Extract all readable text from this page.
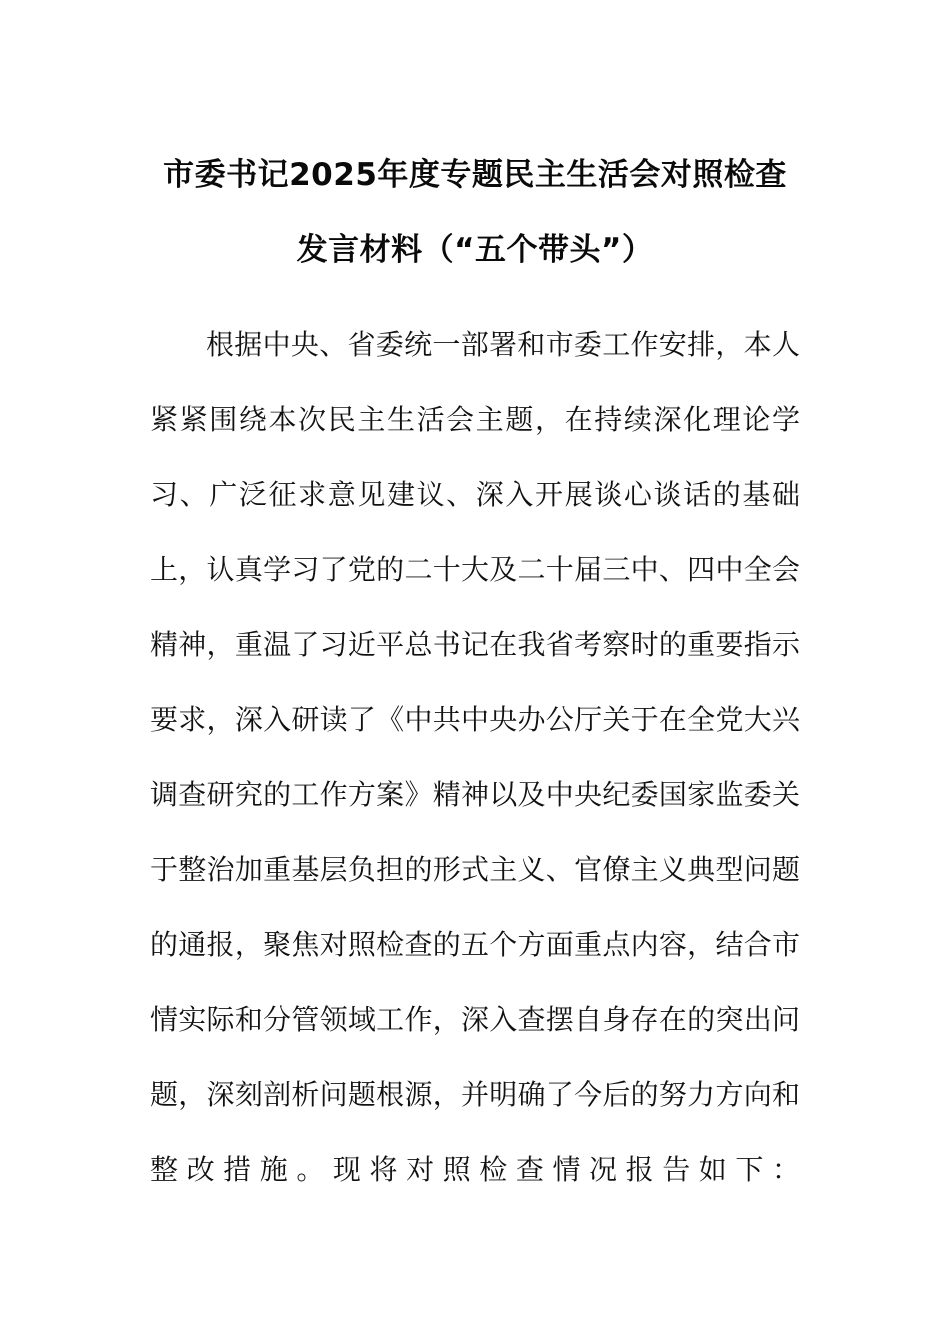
市委书记2025年度专题民主生活会对照检查发言材料（“五个带头”）

根据中央、省委统一部署和市委工作安排，本人紧紧围绕本次民主生活会主题，在持续深化理论学习、广泛征求意见建议、深入开展谈心谈话的基础上，认真学习了党的二十大及二十届三中、四中全会精神，重温了习近平总书记在我省考察时的重要指示要求，深入研读了《中共中央办公厅关于在全党大兴调查研究的工作方案》精神以及中央纪委国家监委关于整治加重基层负担的形式主义、官僚主义典型问题的通报，聚焦对照检查的五个方面重点内容，结合市情实际和分管领域工作，深入查摆自身存在的突出问题，深刻剖析问题根源，并明确了今后的努力方向和整改措施。现将对照检查情况报告如下：
